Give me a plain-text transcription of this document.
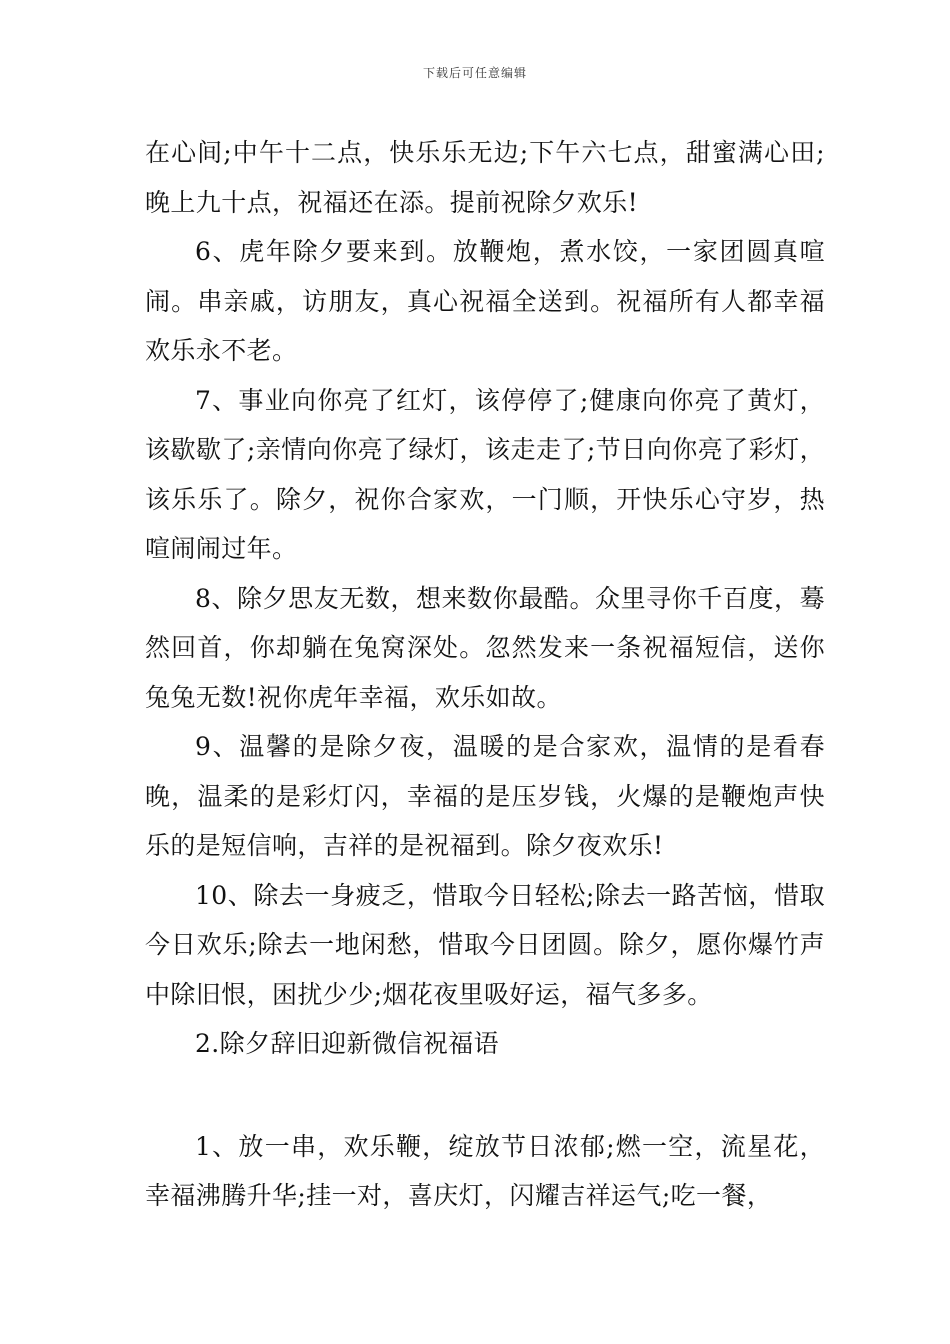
下载后可任意编辑

在心间;中午十二点，快乐乐无边;下午六七点，甜蜜满心田;晚上九十点，祝福还在添。提前祝除夕欢乐!

6、虎年除夕要来到。放鞭炮，煮水饺，一家团圆真喧闹。串亲戚，访朋友，真心祝福全送到。祝福所有人都幸福欢乐永不老。

7、事业向你亮了红灯，该停停了;健康向你亮了黄灯，该歇歇了;亲情向你亮了绿灯，该走走了;节日向你亮了彩灯，该乐乐了。除夕，祝你合家欢，一门顺，开快乐心守岁，热喧闹闹过年。

8、除夕思友无数，想来数你最酷。众里寻你千百度，蓦然回首，你却躺在兔窝深处。忽然发来一条祝福短信，送你兔兔无数!祝你虎年幸福，欢乐如故。

9、温馨的是除夕夜，温暖的是合家欢，温情的是看春晚，温柔的是彩灯闪，幸福的是压岁钱，火爆的是鞭炮声快乐的是短信响，吉祥的是祝福到。除夕夜欢乐!

10、除去一身疲乏，惜取今日轻松;除去一路苦恼，惜取今日欢乐;除去一地闲愁，惜取今日团圆。除夕，愿你爆竹声中除旧恨，困扰少少;烟花夜里吸好运，福气多多。

2.除夕辞旧迎新微信祝福语

1、放一串，欢乐鞭，绽放节日浓郁;燃一空，流星花，幸福沸腾升华;挂一对，喜庆灯，闪耀吉祥运气;吃一餐，
